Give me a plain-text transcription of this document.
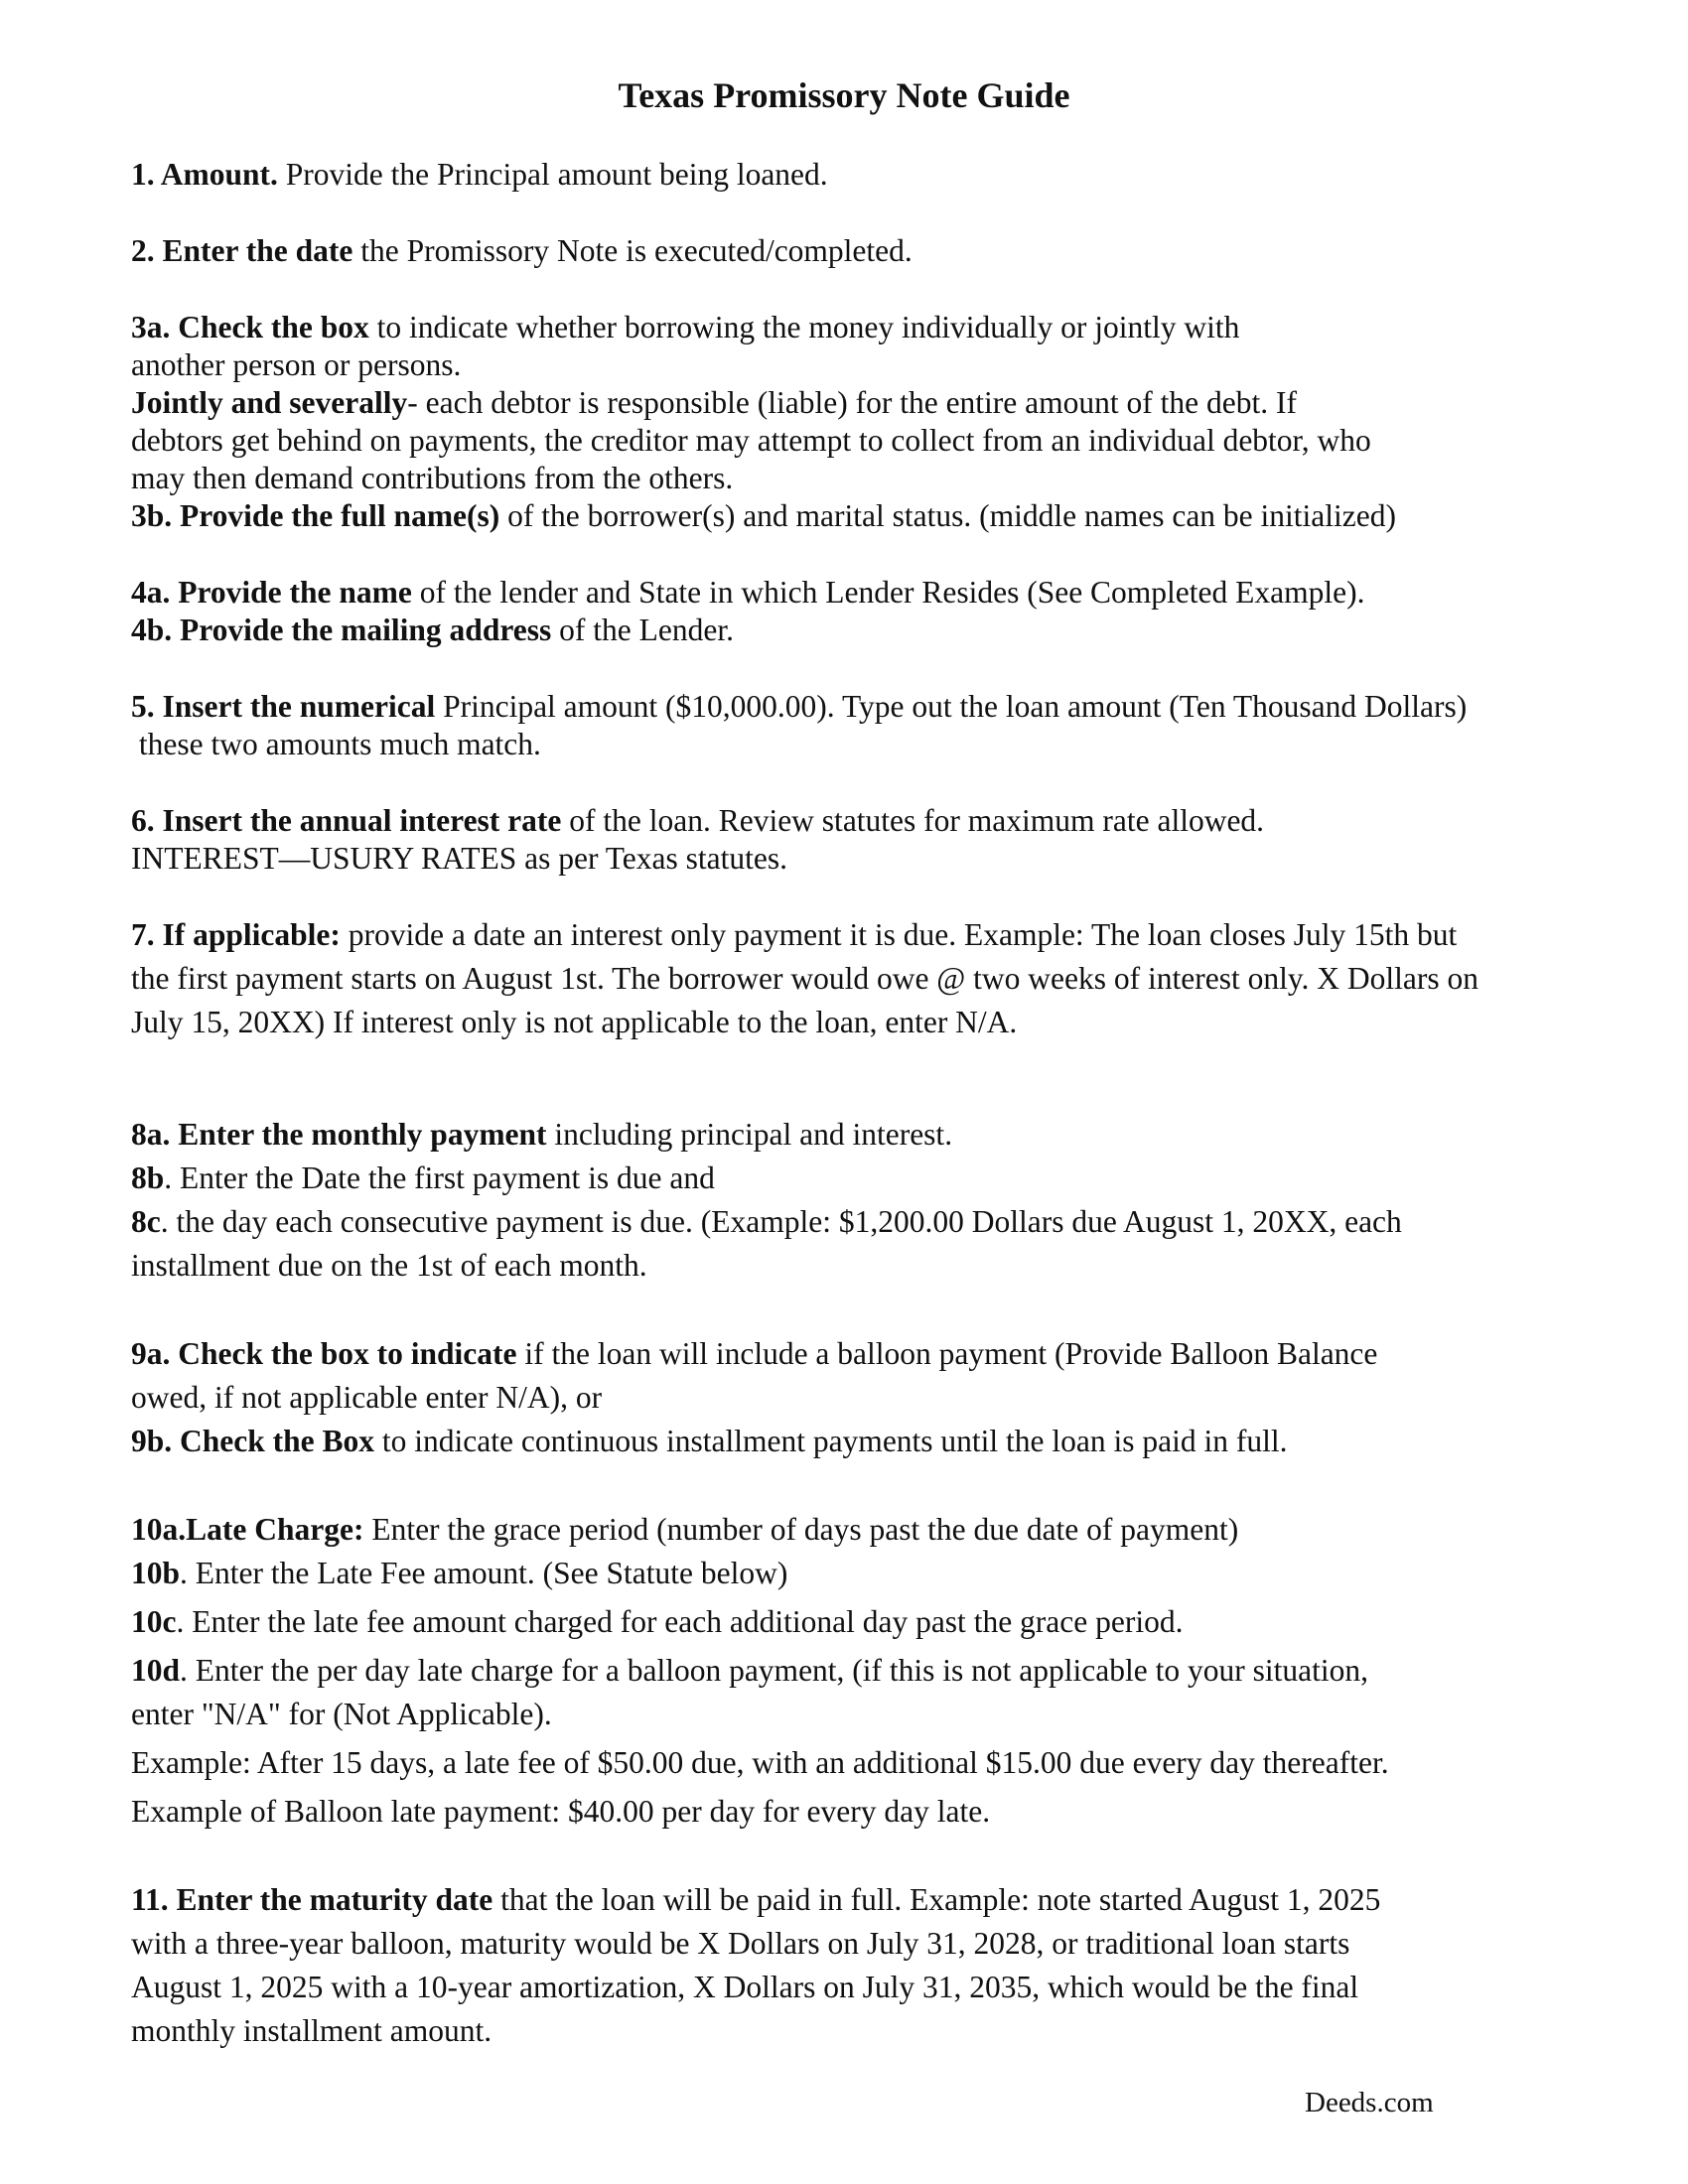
Texas Promissory Note Guide
1. Amount. Provide the Principal amount being loaned.
2. Enter the date the Promissory Note is executed/completed.
3a. Check the box to indicate whether borrowing the money individually or jointly with
another person or persons.
Jointly and severally- each debtor is responsible (liable) for the entire amount of the debt. If
debtors get behind on payments, the creditor may attempt to collect from an individual debtor, who
may then demand contributions from the others.
3b. Provide the full name(s) of the borrower(s) and marital status. (middle names can be initialized)
4a. Provide the name of the lender and State in which Lender Resides (See Completed Example).
4b. Provide the mailing address of the Lender.
5. Insert the numerical Principal amount ($10,000.00). Type out the loan amount (Ten Thousand Dollars)
these two amounts much match.
6. Insert the annual interest rate of the loan. Review statutes for maximum rate allowed.
INTEREST—USURY RATES as per Texas statutes.
7. If applicable: provide a date an interest only payment it is due. Example: The loan closes July 15th but
the first payment starts on August 1st. The borrower would owe @ two weeks of interest only. X Dollars on
July 15, 20XX) If interest only is not applicable to the loan, enter N/A.
8a. Enter the monthly payment including principal and interest.
8b. Enter the Date the first payment is due and
8c. the day each consecutive payment is due. (Example: $1,200.00 Dollars due August 1, 20XX, each
installment due on the 1st of each month.
9a. Check the box to indicate if the loan will include a balloon payment (Provide Balloon Balance
owed, if not applicable enter N/A), or
9b. Check the Box to indicate continuous installment payments until the loan is paid in full.
10a.Late Charge: Enter the grace period (number of days past the due date of payment)
10b. Enter the Late Fee amount. (See Statute below)
10c. Enter the late fee amount charged for each additional day past the grace period.
10d. Enter the per day late charge for a balloon payment, (if this is not applicable to your situation,
enter "N/A" for (Not Applicable).
Example: After 15 days, a late fee of $50.00 due, with an additional $15.00 due every day thereafter.
Example of Balloon late payment: $40.00 per day for every day late.
11. Enter the maturity date that the loan will be paid in full. Example: note started August 1, 2025
with a three-year balloon, maturity would be X Dollars on July 31, 2028, or traditional loan starts
August 1, 2025 with a 10-year amortization, X Dollars on July 31, 2035, which would be the final
monthly installment amount.
Deeds.com
